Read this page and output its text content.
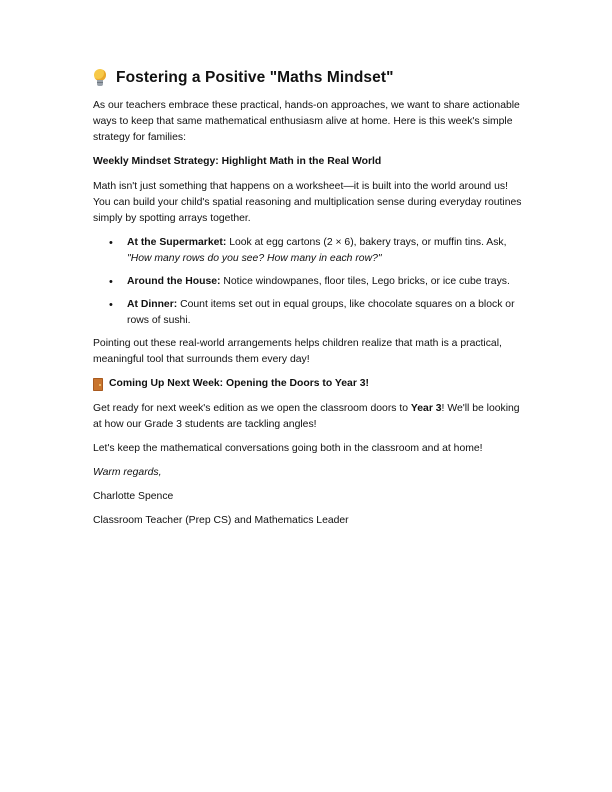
Fostering a Positive "Maths Mindset"

As our teachers embrace these practical, hands-on approaches, we want to share actionable ways to keep that same mathematical enthusiasm alive at home. Here is this week's simple strategy for families:

Weekly Mindset Strategy: Highlight Math in the Real World

Math isn't just something that happens on a worksheet—it is built into the world around us! You can build your child's spatial reasoning and multiplication sense during everyday routines simply by spotting arrays together.

• At the Supermarket: Look at egg cartons (2 × 6), bakery trays, or muffin tins. Ask, "How many rows do you see? How many in each row?"
• Around the House: Notice windowpanes, floor tiles, Lego bricks, or ice cube trays.
• At Dinner: Count items set out in equal groups, like chocolate squares on a block or rows of sushi.

Pointing out these real-world arrangements helps children realize that math is a practical, meaningful tool that surrounds them every day!

Coming Up Next Week: Opening the Doors to Year 3!

Get ready for next week's edition as we open the classroom doors to Year 3! We'll be looking at how our Grade 3 students are tackling angles!

Let's keep the mathematical conversations going both in the classroom and at home!

Warm regards,

Charlotte Spence

Classroom Teacher (Prep CS) and Mathematics Leader
